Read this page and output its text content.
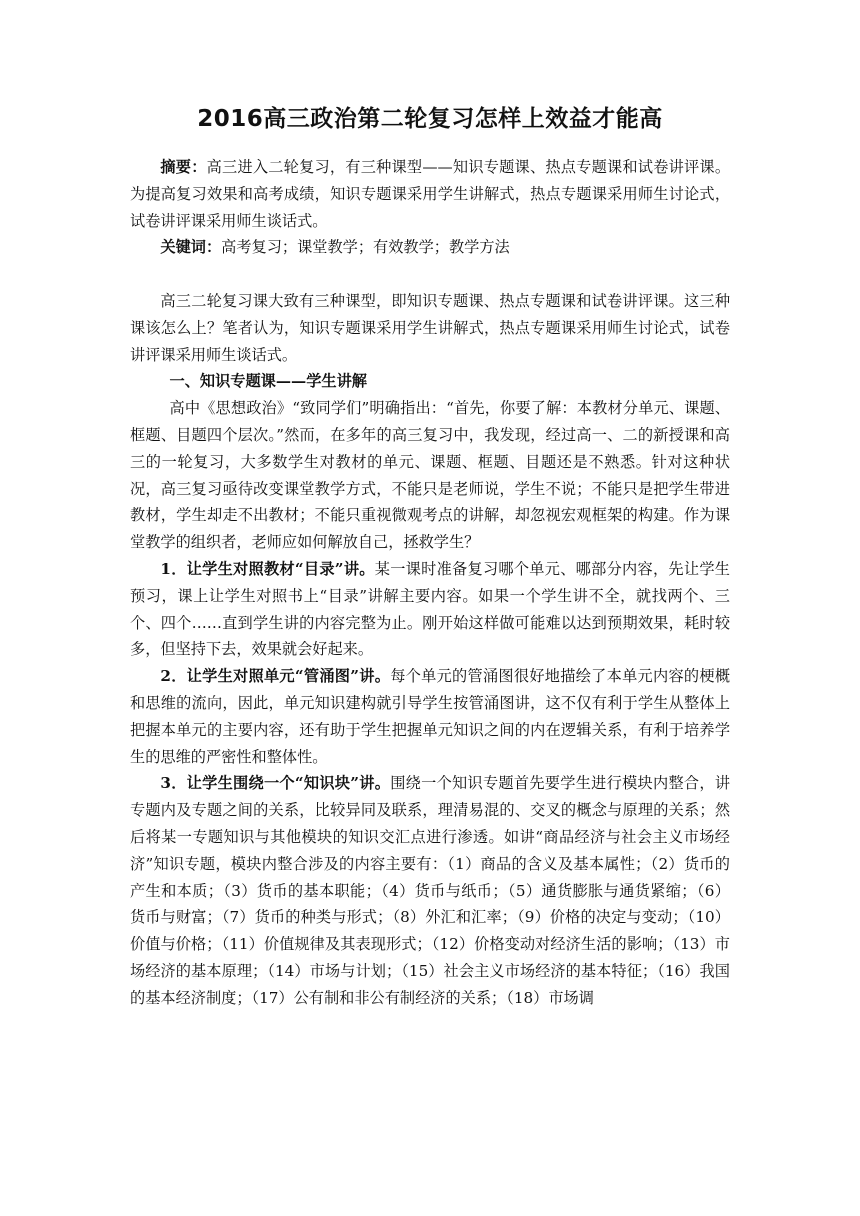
2016高三政治第二轮复习怎样上效益才能高

摘要：高三进入二轮复习，有三种课型——知识专题课、热点专题课和试卷讲评课。为提高复习效果和高考成绩，知识专题课采用学生讲解式，热点专题课采用师生讨论式，试卷讲评课采用师生谈话式。

关键词：高考复习；课堂教学；有效教学；教学方法

高三二轮复习课大致有三种课型，即知识专题课、热点专题课和试卷讲评课。这三种课该怎么上？笔者认为，知识专题课采用学生讲解式，热点专题课采用师生讨论式，试卷讲评课采用师生谈话式。

一、知识专题课——学生讲解

高中《思想政治》“致同学们”明确指出：“首先，你要了解：本教材分单元、课题、框题、目题四个层次。”然而，在多年的高三复习中，我发现，经过高一、二的新授课和高三的一轮复习，大多数学生对教材的单元、课题、框题、目题还是不熟悉。针对这种状况，高三复习亟待改变课堂教学方式，不能只是老师说，学生不说；不能只是把学生带进教材，学生却走不出教材；不能只重视微观考点的讲解，却忽视宏观框架的构建。作为课堂教学的组织者，老师应如何解放自己，拯救学生？

1．让学生对照教材“目录”讲。某一课时准备复习哪个单元、哪部分内容，先让学生预习，课上让学生对照书上“目录”讲解主要内容。如果一个学生讲不全，就找两个、三个、四个……直到学生讲的内容完整为止。刚开始这样做可能难以达到预期效果，耗时较多，但坚持下去，效果就会好起来。

2．让学生对照单元“管涌图”讲。每个单元的管涌图很好地描绘了本单元内容的梗概和思维的流向，因此，单元知识建构就引导学生按管涌图讲，这不仅有利于学生从整体上把握本单元的主要内容，还有助于学生把握单元知识之间的内在逻辑关系，有利于培养学生的思维的严密性和整体性。

3．让学生围绕一个“知识块”讲。围绕一个知识专题首先要学生进行模块内整合，讲专题内及专题之间的关系，比较异同及联系，理清易混的、交叉的概念与原理的关系；然后将某一专题知识与其他模块的知识交汇点进行渗透。如讲“商品经济与社会主义市场经济”知识专题，模块内整合涉及的内容主要有：（1）商品的含义及基本属性；（2）货币的产生和本质；（3）货币的基本职能；（4）货币与纸币；（5）通货膨胀与通货紧缩；（6）货币与财富；（7）货币的种类与形式；（8）外汇和汇率；（9）价格的决定与变动；（10）价值与价格；（11）价值规律及其表现形式；（12）价格变动对经济生活的影响；（13）市场经济的基本原理；（14）市场与计划；（15）社会主义市场经济的基本特征；（16）我国的基本经济制度；（17）公有制和非公有制经济的关系；（18）市场调
